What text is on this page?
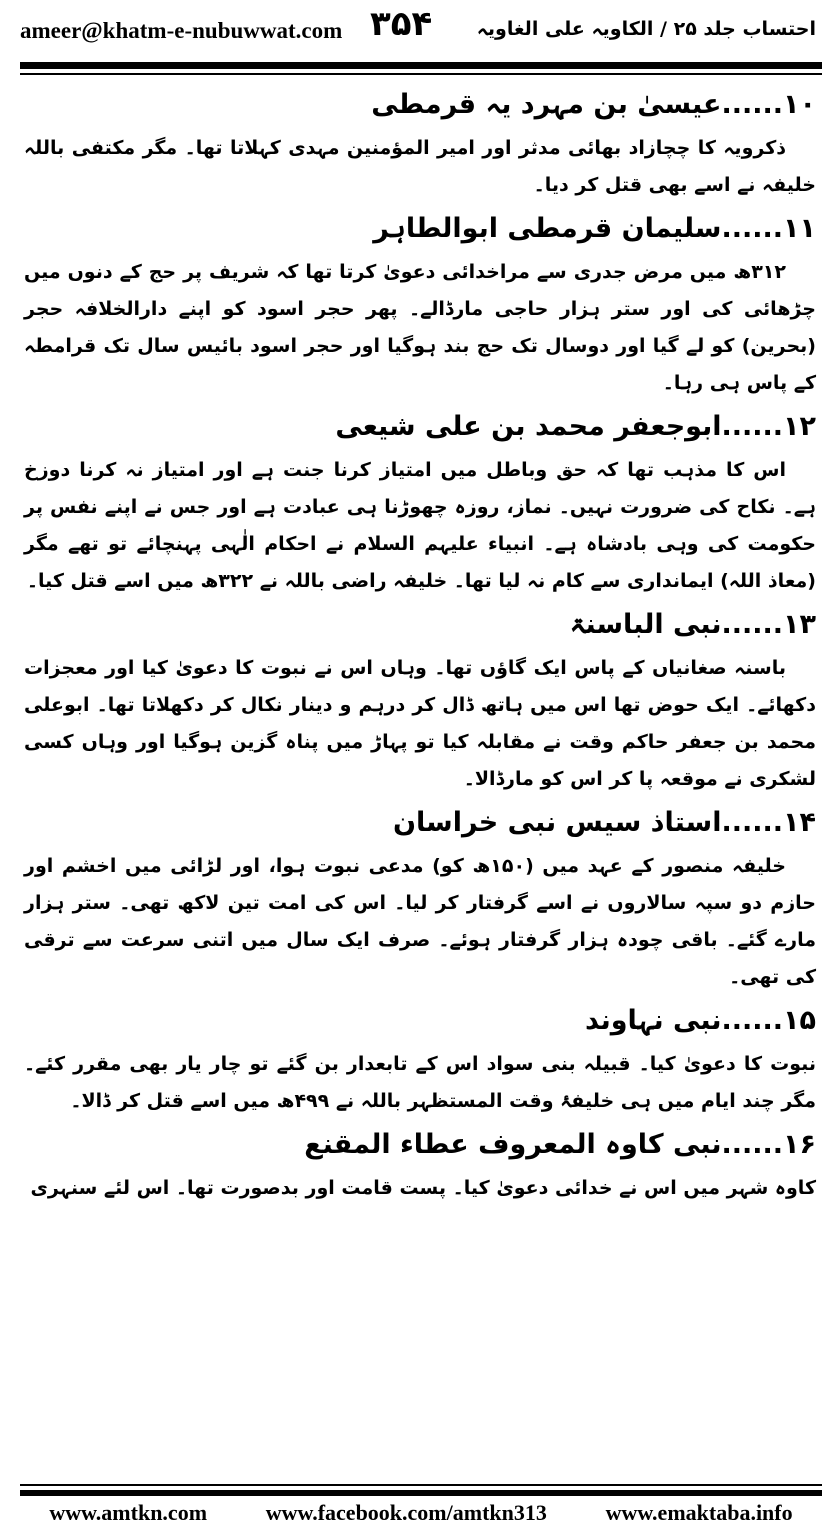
ameer@khatm-e-nubuwwat.com ۳۵۴ احتساب جلد ۲۵ / الکاویہ علی الغاویہ
۱۰......عیسیٰ بن مہرد یہ قرمطی
ذکرویہ کا چچازاد بھائی مدثر اور امیر المؤمنین مہدی کہلاتا تھا۔ مگر مکتفی باللہ خلیفہ نے اسے بھی قتل کر دیا۔
۱۱......سلیمان قرمطی ابوالطاہر
۳۱۲ھ میں مرض جدری سے مراخدائی دعویٰ کرتا تھا کہ شریف پر حج کے دنوں میں چڑھائی کی اور ستر ہزار حاجی مارڈالے۔ پھر حجر اسود کو اپنے دارالخلافہ حجر (بحرین) کو لے گیا اور دوسال تک حج بند ہوگیا اور حجر اسود بائیس سال تک قرامطہ کے پاس ہی رہا۔
۱۲......ابوجعفر محمد بن علی شیعی
اس کا مذہب تھا کہ حق وباطل میں امتیاز کرنا جنت ہے اور امتیاز نہ کرنا دوزخ ہے۔ نکاح کی ضرورت نہیں۔ نماز، روزہ چھوڑنا ہی عبادت ہے اور جس نے اپنے نفس پر حکومت کی وہی بادشاہ ہے۔ انبیاء علیہم السلام نے احکام الٰہی پہنچائے تو تھے مگر (معاذ اللہ) ایمانداری سے کام نہ لیا تھا۔ خلیفہ راضی باللہ نے ۳۲۲ھ میں اسے قتل کیا۔
۱۳......نبی الباسنۃ
باسنہ صغانیاں کے پاس ایک گاؤں تھا۔ وہاں اس نے نبوت کا دعویٰ کیا اور معجزات دکھائے۔ ایک حوض تھا اس میں ہاتھ ڈال کر درہم و دینار نکال کر دکھلاتا تھا۔ ابوعلی محمد بن جعفر حاکم وقت نے مقابلہ کیا تو پہاڑ میں پناہ گزین ہوگیا اور وہاں کسی لشکری نے موقعہ پا کر اس کو مارڈالا۔
۱۴......استاذ سیس نبی خراسان
خلیفہ منصور کے عہد میں (۱۵۰ھ کو) مدعی نبوت ہوا، اور لڑائی میں اخشم اور حازم دو سپہ سالاروں نے اسے گرفتار کر لیا۔ اس کی امت تین لاکھ تھی۔ ستر ہزار مارے گئے۔ باقی چودہ ہزار گرفتار ہوئے۔ صرف ایک سال میں اتنی سرعت سے ترقی کی تھی۔
۱۵......نبی نہاوند
نبوت کا دعویٰ کیا۔ قبیلہ بنی سواد اس کے تابعدار بن گئے تو چار یار بھی مقرر کئے۔ مگر چند ایام میں ہی خلیفۂ وقت المستظہر باللہ نے ۴۹۹ھ میں اسے قتل کر ڈالا۔
۱۶......نبی کاوہ المعروف عطاء المقنع
کاوہ شہر میں اس نے خدائی دعویٰ کیا۔ پست قامت اور بدصورت تھا۔ اس لئے سنہری
www.amtkn.com	www.facebook.com/amtkn313	www.emaktaba.info
